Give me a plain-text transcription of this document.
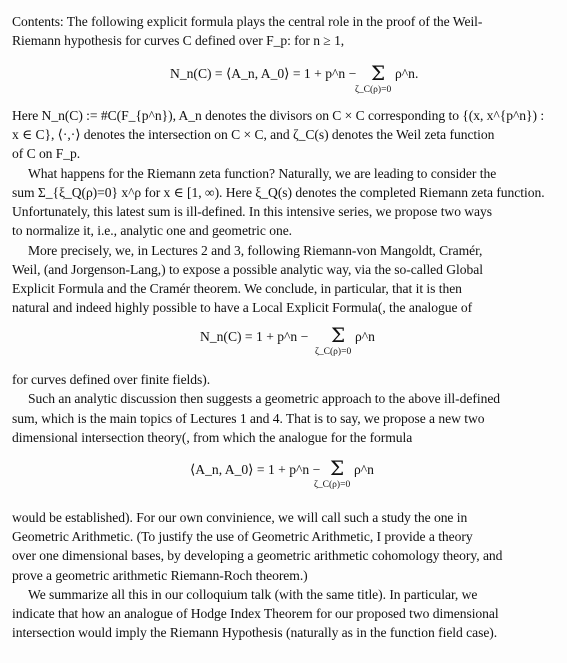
Contents: The following explicit formula plays the central role in the proof of the Weil-
Riemann hypothesis for curves C defined over F_p: for n ≥ 1,
N_n(C) = ⟨A_n, A_0⟩ = 1 + p^n − Σ
ζ_C(ρ)=0
ρ^n.
Here N_n(C) := #C(F_{p^n}), A_n denotes the divisors on C × C corresponding to {(x, x^{p^n}) :
x ∈ C}, ⟨·,·⟩ denotes the intersection on C × C, and ζ_C(s) denotes the Weil zeta function
of C on F_p.
What happens for the Riemann zeta function? Naturally, we are leading to consider the
sum Σ_{ξ_Q(ρ)=0} x^ρ for x ∈ [1, ∞). Here ξ_Q(s) denotes the completed Riemann zeta function.
Unfortunately, this latest sum is ill-defined. In this intensive series, we propose two ways
to normalize it, i.e., analytic one and geometric one.
More precisely, we, in Lectures 2 and 3, following Riemann-von Mangoldt, Cramér,
Weil, (and Jorgenson-Lang,) to expose a possible analytic way, via the so-called Global
Explicit Formula and the Cramér theorem. We conclude, in particular, that it is then
natural and indeed highly possible to have a Local Explicit Formula(, the analogue of
N_n(C) = 1 + p^n − Σ
ζ_C(ρ)=0
ρ^n
for curves defined over finite fields).
Such an analytic discussion then suggests a geometric approach to the above ill-defined
sum, which is the main topics of Lectures 1 and 4. That is to say, we propose a new two
dimensional intersection theory(, from which the analogue for the formula
⟨A_n, A_0⟩ = 1 + p^n − Σ
ζ_C(ρ)=0
ρ^n
would be established). For our own convinience, we will call such a study the one in
Geometric Arithmetic. (To justify the use of Geometric Arithmetic, I provide a theory
over one dimensional bases, by developing a geometric arithmetic cohomology theory, and
prove a geometric arithmetic Riemann-Roch theorem.)
We summarize all this in our colloquium talk (with the same title). In particular, we
indicate that how an analogue of Hodge Index Theorem for our proposed two dimensional
intersection would imply the Riemann Hypothesis (naturally as in the function field case).
